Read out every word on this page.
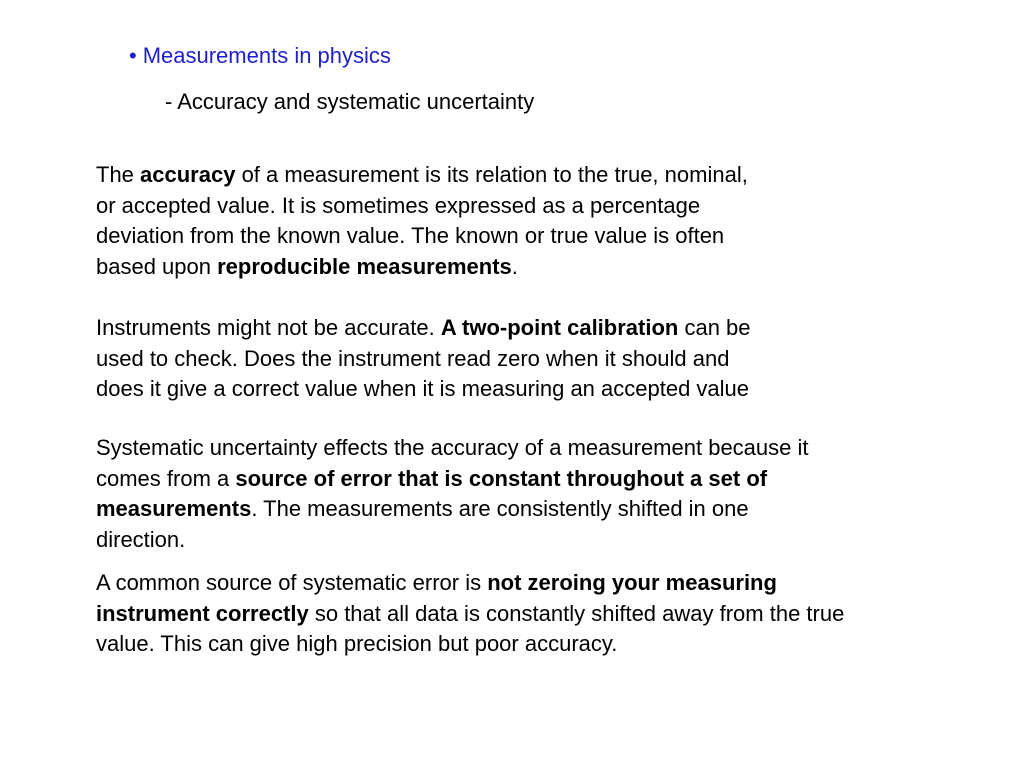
• Measurements in physics
- Accuracy and systematic uncertainty
The accuracy of a measurement is its relation to the true, nominal,
or accepted value. It is sometimes expressed as a percentage
deviation from the known value. The known or true value is often
based upon reproducible measurements.
Instruments might not be accurate. A two-point calibration can be
used to check. Does the instrument read zero when it should and
does it give a correct value when it is measuring an accepted value
Systematic uncertainty effects the accuracy of a measurement because it
comes from a source of error that is constant throughout a set of
measurements. The measurements are consistently shifted in one
direction.
A common source of systematic error is not zeroing your measuring
instrument correctly so that all data is constantly shifted away from the true
value. This can give high precision but poor accuracy.
